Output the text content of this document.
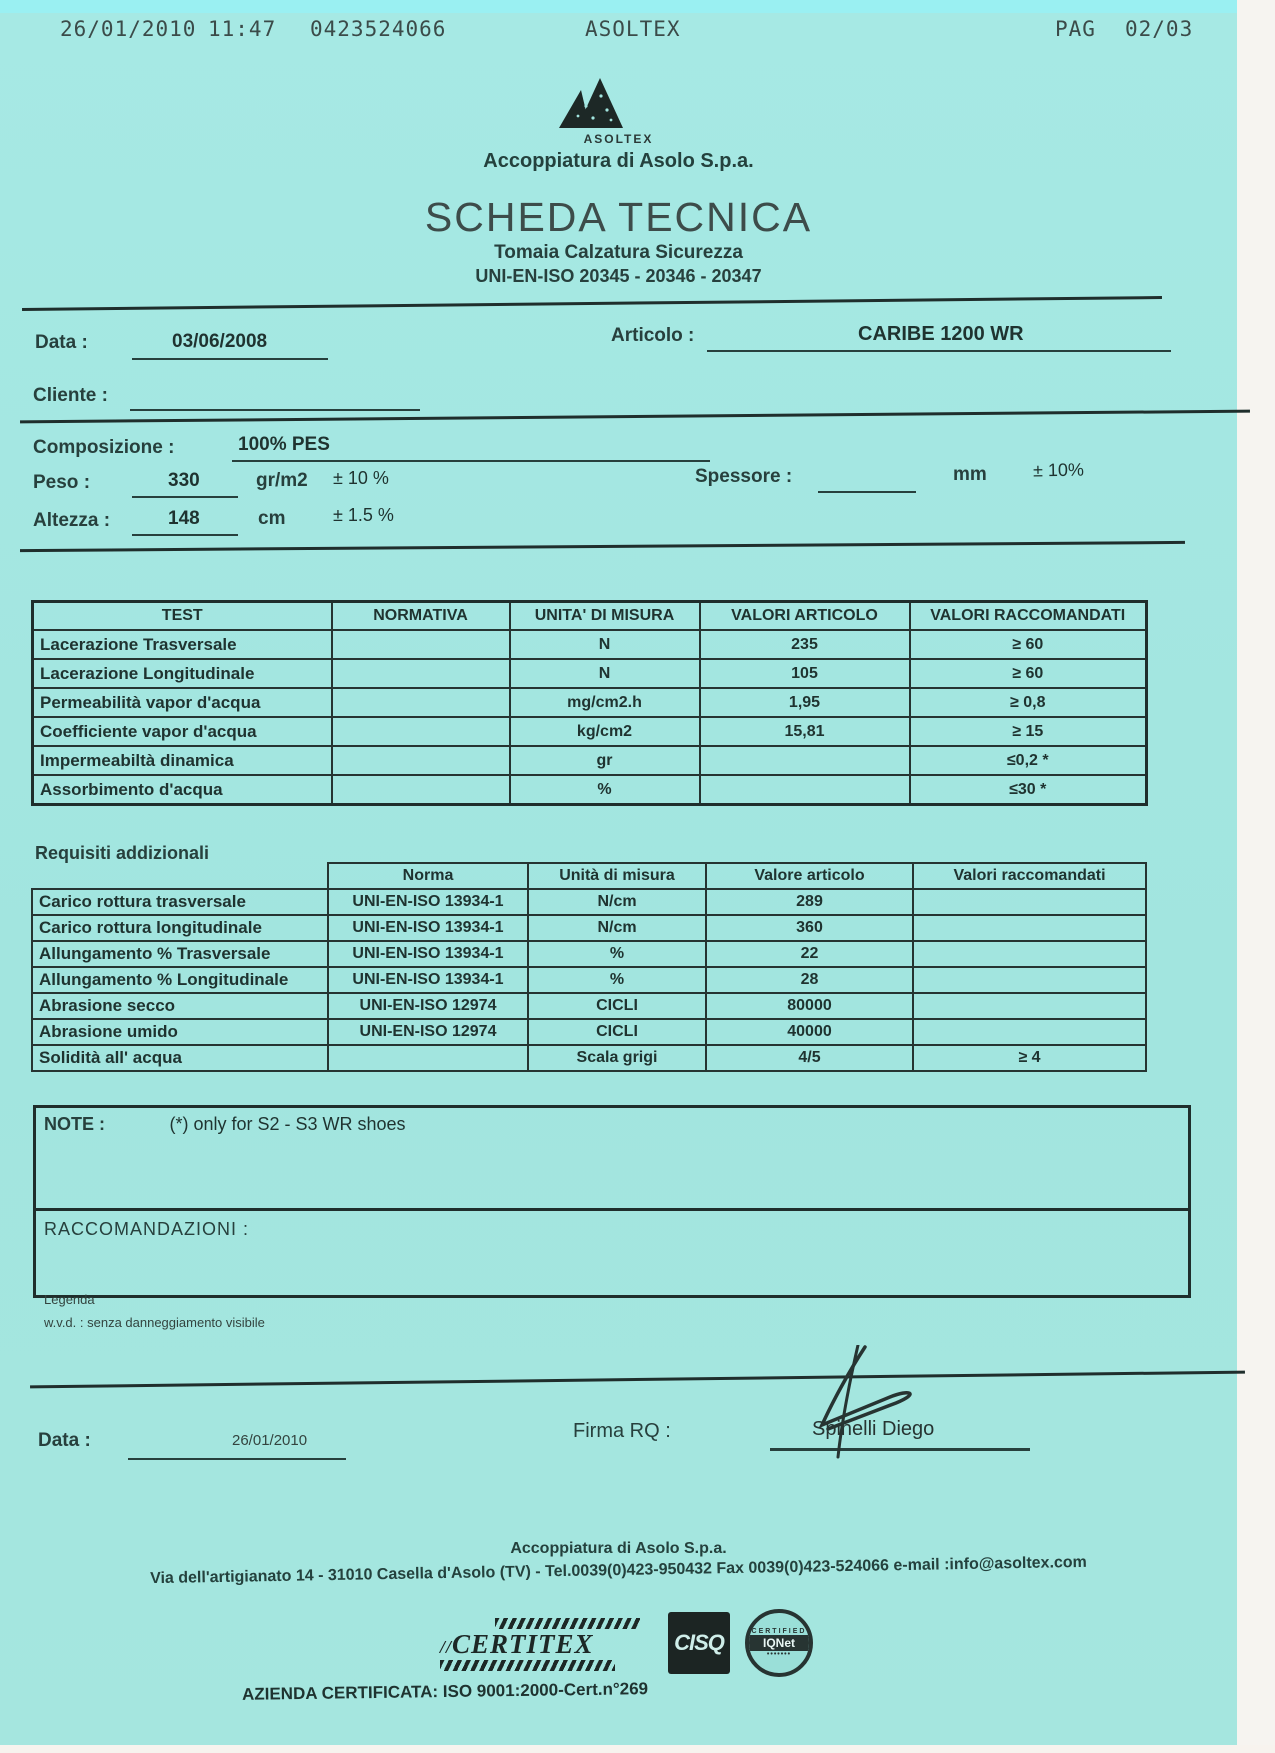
26/01/2010 11:47 0423524066	ASOLTEX	PAG 02/03
ASOLTEX
Accoppiatura di Asolo S.p.a.
SCHEDA TECNICA
Tomaia Calzatura Sicurezza
UNI-EN-ISO 20345 - 20346 - 20347
Data :	03/06/2008	Articolo :	CARIBE 1200 WR
Cliente :
Composizione :	100% PES
Peso :	330	gr/m2 ± 10 %	Spessore :	mm	± 10%
Altezza :	148	cm	± 1.5 %
TEST	NORMATIVA	UNITA' DI MISURA	VALORI ARTICOLO	VALORI RACCOMANDATI
Lacerazione Trasversale		N	235	≥ 60
Lacerazione Longitudinale		N	105	≥ 60
Permeabilità vapor d'acqua		mg/cm2.h	1,95	≥ 0,8
Coefficiente vapor d'acqua		kg/cm2	15,81	≥ 15
Impermeabiltà dinamica		gr		≤0,2 *
Assorbimento d'acqua		%		≤30 *
Requisiti addizionali
	Norma	Unità di misura	Valore articolo	Valori raccomandati
Carico rottura trasversale	UNI-EN-ISO 13934-1	N/cm	289	
Carico rottura longitudinale	UNI-EN-ISO 13934-1	N/cm	360	
Allungamento % Trasversale	UNI-EN-ISO 13934-1	%	22	
Allungamento % Longitudinale	UNI-EN-ISO 13934-1	%	28	
Abrasione secco	UNI-EN-ISO 12974	CICLI	80000	
Abrasione umido	UNI-EN-ISO 12974	CICLI	40000	
Solidità all' acqua		Scala grigi	4/5	≥ 4
NOTE :	(*) only for S2 - S3 WR shoes
RACCOMANDAZIONI :
Legenda
w.v.d. : senza danneggiamento visibile
Data :	26/01/2010	Firma RQ :	Spinelli Diego
Accoppiatura di Asolo S.p.a.
Via dell'artigianato 14 - 31010 Casella d'Asolo (TV) - Tel.0039(0)423-950432 Fax 0039(0)423-524066 e-mail :info@asoltex.com
//CERTITEX	CISQ	CERTIFIED
IQNet
•••••••
AZIENDA CERTIFICATA: ISO 9001:2000-Cert.n°269
